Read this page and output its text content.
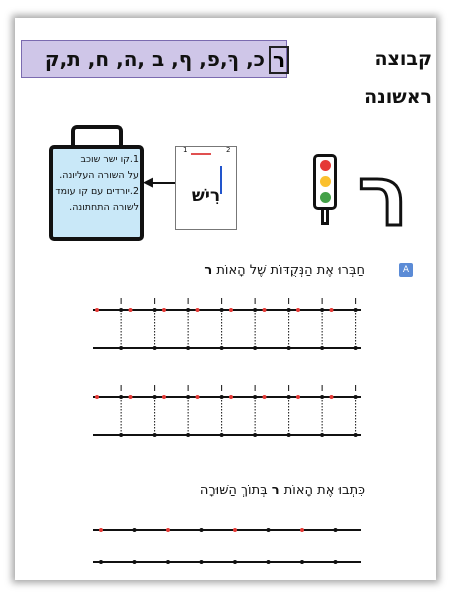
כ, ךּ,פ, ף, ב ,ה, ח, ת,ק ר	קבוצה ראשונה
1.קו ישר שוכב
על השורה העליונה.
2.יורדים עם קו עומד
לשורה התחתונה.
◀
1	2
רִישׁ ר
חַבְּרוּ אֶת הַנְּקֻדּוֹת שֶׁל הָאוֹת ר	A
כִּתְבוּ אֶת הָאוֹת ר בְּתוֹךְ הַשּׁוּרָה
